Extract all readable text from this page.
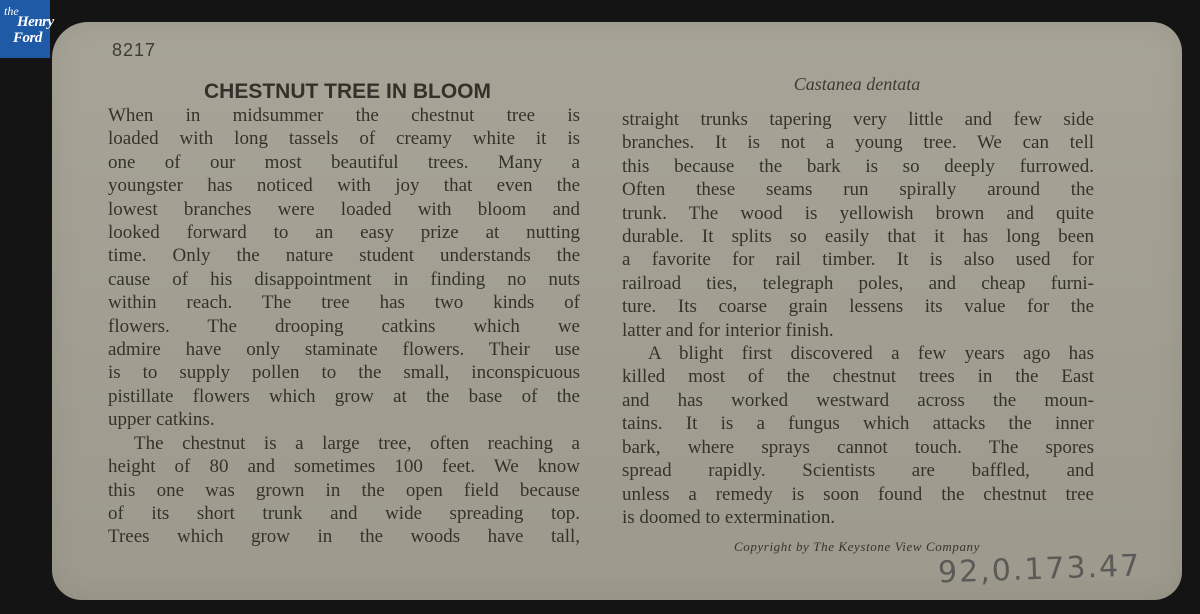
the
Henry
Ford
8217
CHESTNUT TREE IN BLOOM	Castanea dentata
When in midsummer the chestnut tree is
loaded with long tassels of creamy white it is
one of our most beautiful trees. Many a
youngster has noticed with joy that even the
lowest branches were loaded with bloom and
looked forward to an easy prize at nutting
time. Only the nature student understands the
cause of his disappointment in finding no nuts
within reach. The tree has two kinds of
flowers. The drooping catkins which we
admire have only staminate flowers. Their use
is to supply pollen to the small, inconspicuous
pistillate flowers which grow at the base of the
upper catkins.
The chestnut is a large tree, often reaching a
height of 80 and sometimes 100 feet. We know
this one was grown in the open field because
of its short trunk and wide spreading top.
Trees which grow in the woods have tall,
straight trunks tapering very little and few side
branches. It is not a young tree. We can tell
this because the bark is so deeply furrowed.
Often these seams run spirally around the
trunk. The wood is yellowish brown and quite
durable. It splits so easily that it has long been
a favorite for rail timber. It is also used for
railroad ties, telegraph poles, and cheap furni-
ture. Its coarse grain lessens its value for the
latter and for interior finish.
A blight first discovered a few years ago has
killed most of the chestnut trees in the East
and has worked westward across the moun-
tains. It is a fungus which attacks the inner
bark, where sprays cannot touch. The spores
spread rapidly. Scientists are baffled, and
unless a remedy is soon found the chestnut tree
is doomed to extermination.
Copyright by The Keystone View Company
92,0.173.47
